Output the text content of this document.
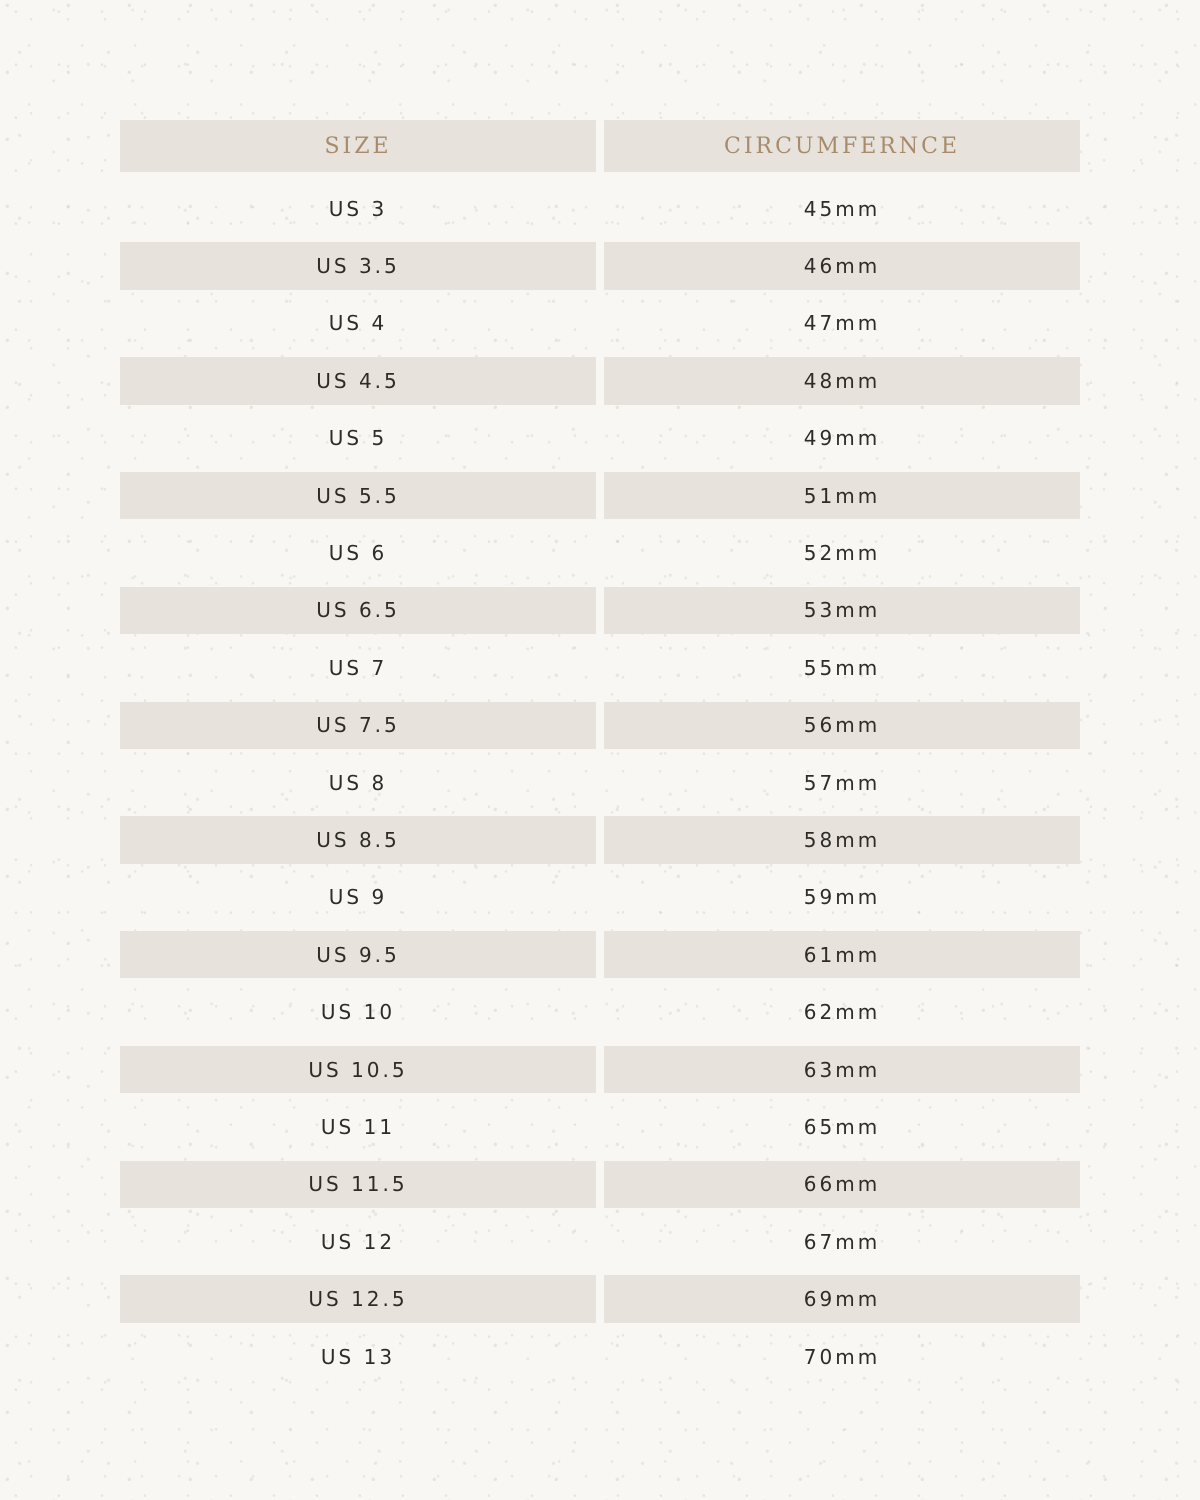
SIZE	CIRCUMFERNCE
US 3	45mm
US 3.5	46mm
US 4	47mm
US 4.5	48mm
US 5	49mm
US 5.5	51mm
US 6	52mm
US 6.5	53mm
US 7	55mm
US 7.5	56mm
US 8	57mm
US 8.5	58mm
US 9	59mm
US 9.5	61mm
US 10	62mm
US 10.5	63mm
US 11	65mm
US 11.5	66mm
US 12	67mm
US 12.5	69mm
US 13	70mm
